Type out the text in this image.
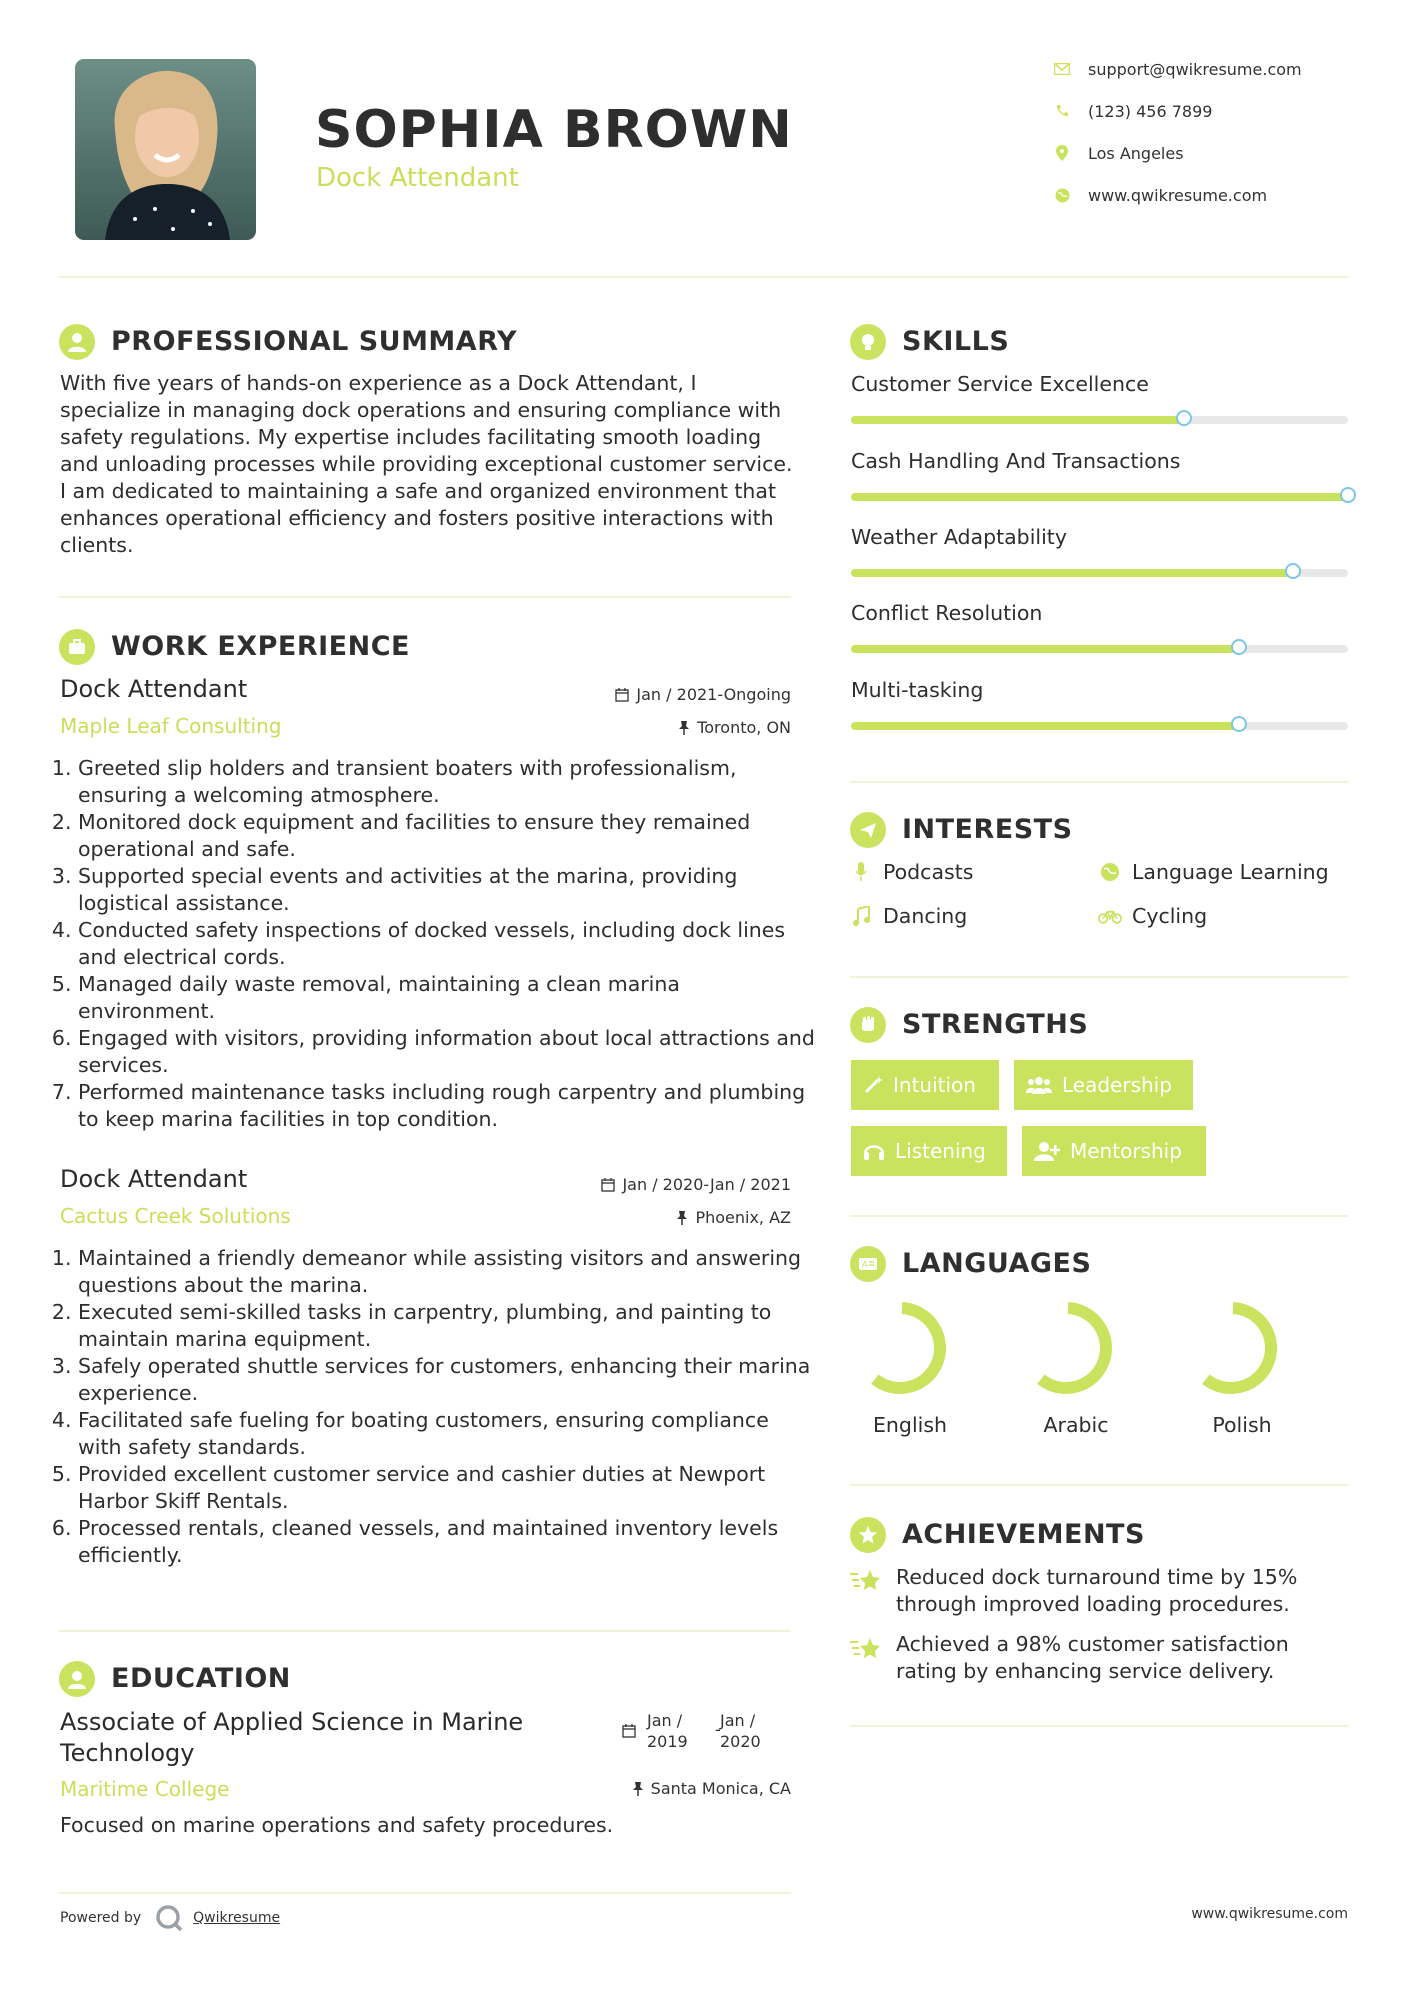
SOPHIA BROWN
Dock Attendant
support@qwikresume.com
(123) 456 7899
Los Angeles
www.qwikresume.com
PROFESSIONAL SUMMARY
With five years of hands-on experience as a Dock Attendant, I specialize in managing dock operations and ensuring compliance with safety regulations. My expertise includes facilitating smooth loading and unloading processes while providing exceptional customer service. I am dedicated to maintaining a safe and organized environment that enhances operational efficiency and fosters positive interactions with clients.
WORK EXPERIENCE
Dock Attendant	Jan / 2021-Ongoing
Maple Leaf Consulting	Toronto, ON
1. Greeted slip holders and transient boaters with professionalism, ensuring a welcoming atmosphere.
2. Monitored dock equipment and facilities to ensure they remained operational and safe.
3. Supported special events and activities at the marina, providing logistical assistance.
4. Conducted safety inspections of docked vessels, including dock lines and electrical cords.
5. Managed daily waste removal, maintaining a clean marina environment.
6. Engaged with visitors, providing information about local attractions and services.
7. Performed maintenance tasks including rough carpentry and plumbing to keep marina facilities in top condition.
Dock Attendant	Jan / 2020-Jan / 2021
Cactus Creek Solutions	Phoenix, AZ
1. Maintained a friendly demeanor while assisting visitors and answering questions about the marina.
2. Executed semi-skilled tasks in carpentry, plumbing, and painting to maintain marina equipment.
3. Safely operated shuttle services for customers, enhancing their marina experience.
4. Facilitated safe fueling for boating customers, ensuring compliance with safety standards.
5. Provided excellent customer service and cashier duties at Newport Harbor Skiff Rentals.
6. Processed rentals, cleaned vessels, and maintained inventory levels efficiently.
EDUCATION
Associate of Applied Science in Marine Technology
Jan / 2019
- Jan / 2020
Maritime College	Santa Monica, CA
Focused on marine operations and safety procedures.
SKILLS
Customer Service Excellence
Cash Handling And Transactions
Weather Adaptability
Conflict Resolution
Multi-tasking
INTERESTS
Podcasts	Language Learning
Dancing	Cycling
STRENGTHS
Intuition	Leadership
Listening	Mentorship
A LANGUAGES
English	Arabic	Polish
ACHIEVEMENTS
Reduced dock turnaround time by 15% through improved loading procedures.
Achieved a 98% customer satisfaction rating by enhancing service delivery.
Powered by	Qwikresume	www.qwikresume.com
